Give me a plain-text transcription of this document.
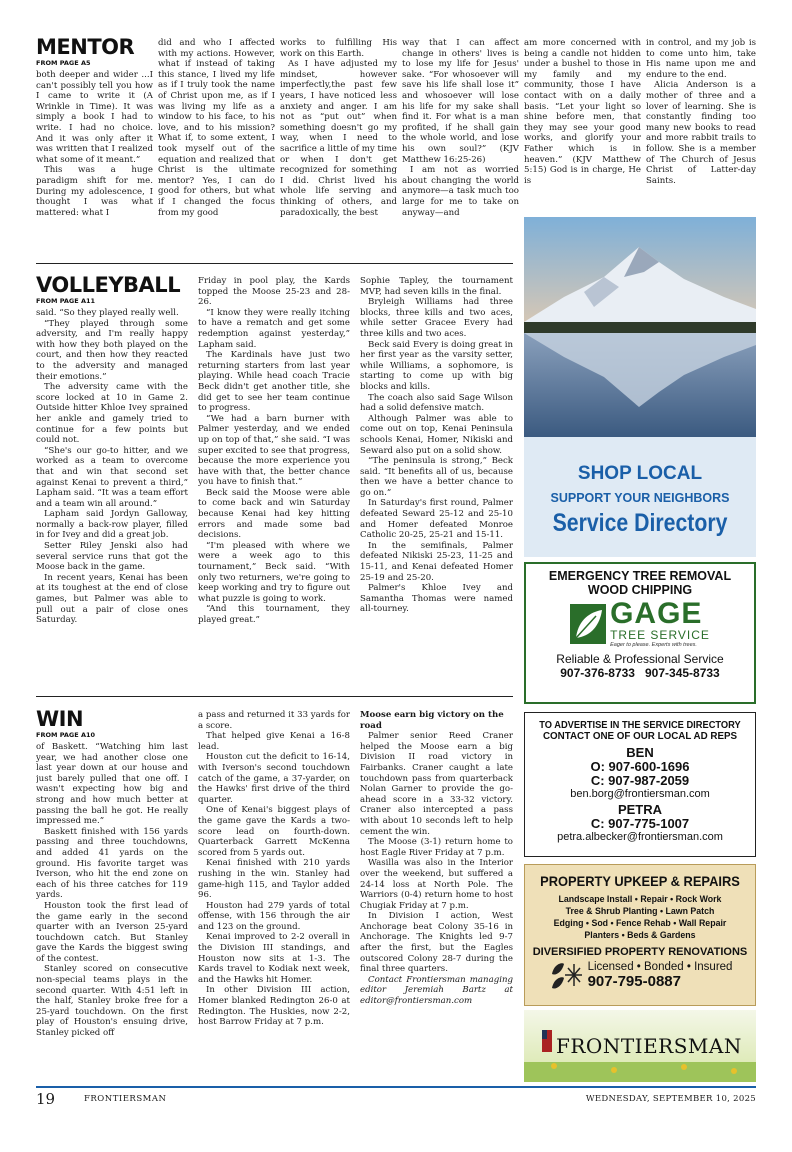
MENTOR
FROM PAGE A5

both deeper and wider ...I can't possibly tell you how I came to write it (A Wrinkle in Time). It was simply a book I had to write. I had no choice. And it was only after it was written that I realized what some of it meant.”

This was a huge paradigm shift for me. During my adolescence, I thought I was what mattered: what I

did and who I affected with my actions. However, what if instead of taking this stance, I lived my life as if I truly took the name of Christ upon me, as if I was living my life as a window to his face, to his love, and to his mission? What if, to some extent, I took myself out of the equation and realized that Christ is the ultimate mentor? Yes, I can do good for others, but what if I changed the focus from my good

works to fulfilling His work on this Earth.

As I have adjusted my mindset, however imperfectly,the past few years, I have noticed less anxiety and anger. I am not as “put out” when something doesn't go my way, when I need to sacrifice a little of my time or when I don't get recognized for something I did. Christ lived his whole life serving and thinking of others, and paradoxically, the best

way that I can affect change in others' lives is to lose my life for Jesus' sake. “For whosoever will save his life shall lose it” and whosoever will lose his life for my sake shall find it. For what is a man profited, if he shall gain the whole world, and lose his own soul?” (KJV Matthew 16:25-26)

I am not as worried about changing the world anymore—a task much too large for me to take on anyway—and

am more concerned with being a candle not hidden under a bushel to those in my family and my community, those I have contact with on a daily basis. “Let your light so shine before men, that they may see your good works, and glorify your Father which is in heaven.” (KJV Matthew 5:15) God is in charge, He is

in control, and my job is to come unto him, take His name upon me and endure to the end.

Alicia Anderson is a mother of three and a lover of learning. She is constantly finding too many new books to read and more rabbit trails to follow. She is a member of The Church of Jesus Christ of Latter-day Saints.

VOLLEYBALL
FROM PAGE A11

said. “So they played really well.

“They played through some adversity, and I'm really happy with how they both played on the court, and then how they reacted to the adversity and managed their emotions.”

The adversity came with the score locked at 10 in Game 2. Outside hitter Khloe Ivey sprained her ankle and gamely tried to continue for a few points but could not.

“She's our go-to hitter, and we worked as a team to overcome that and win that second set against Kenai to prevent a third,” Lapham said. “It was a team effort and a team win all around.”

Lapham said Jordyn Galloway, normally a back-row player, filled in for Ivey and did a great job.

Setter Riley Jenski also had several service runs that got the Moose back in the game.

In recent years, Kenai has been at its toughest at the end of close games, but Palmer was able to pull out a pair of close ones Saturday.

Friday in pool play, the Kards topped the Moose 25-23 and 28-26.

“I know they were really itching to have a rematch and get some redemption against yesterday,” Lapham said.

The Kardinals have just two returning starters from last year playing. While head coach Tracie Beck didn't get another title, she did get to see her team continue to progress.

“We had a barn burner with Palmer yesterday, and we ended up on top of that,” she said. “I was super excited to see that progress, because the more experience you have with that, the better chance you have to finish that.”

Beck said the Moose were able to come back and win Saturday because Kenai had key hitting errors and made some bad decisions.

“I'm pleased with where we were a week ago to this tournament,” Beck said. “With only two returners, we're going to keep working and try to figure out what puzzle is going to work.

“And this tournament, they played great.”

Sophie Tapley, the tournament MVP, had seven kills in the final.

Bryleigh Williams had three blocks, three kills and two aces, while setter Gracee Every had three kills and two aces.

Beck said Every is doing great in her first year as the varsity setter, while Williams, a sophomore, is starting to come up with big blocks and kills.

The coach also said Sage Wilson had a solid defensive match.

Although Palmer was able to come out on top, Kenai Peninsula schools Kenai, Homer, Nikiski and Seward also put on a solid show.

“The peninsula is strong,” Beck said. “It benefits all of us, because then we have a better chance to go on.”

In Saturday's first round, Palmer defeated Seward 25-12 and 25-10 and Homer defeated Monroe Catholic 20-25, 25-21 and 15-11.

In the semifinals, Palmer defeated Nikiski 25-23, 11-25 and 15-11, and Kenai defeated Homer 25-19 and 25-20.

Palmer's Khloe Ivey and Samantha Thomas were named all-tourney.

WIN
FROM PAGE A10

of Baskett. “Watching him last year, we had another close one last year down at our house and just barely pulled that one off. I wasn't expecting how big and strong and how much better at passing the ball he got. He really impressed me.”

Baskett finished with 156 yards passing and three touchdowns, and added 41 yards on the ground. His favorite target was Iverson, who hit the end zone on each of his three catches for 119 yards.

Houston took the first lead of the game early in the second quarter with an Iverson 25-yard touchdown catch. But Stanley gave the Kards the biggest swing of the contest.

Stanley scored on consecutive non-special teams plays in the second quarter. With 4:51 left in the half, Stanley broke free for a 25-yard touchdown. On the first play of Houston's ensuing drive, Stanley picked off

a pass and returned it 33 yards for a score.

That helped give Kenai a 16-8 lead.

Houston cut the deficit to 16-14, with Iverson's second touchdown catch of the game, a 37-yarder, on the Hawks' first drive of the third quarter.

One of Kenai's biggest plays of the game gave the Kards a two-score lead on fourth-down. Quarterback Garrett McKenna scored from 5 yards out.

Kenai finished with 210 yards rushing in the win. Stanley had game-high 115, and Taylor added 96.

Houston had 279 yards of total offense, with 156 through the air and 123 on the ground.

Kenai improved to 2-2 overall in the Division III standings, and Houston now sits at 1-3. The Kards travel to Kodiak next week, and the Hawks hit Homer.

In other Division III action, Homer blanked Redington 26-0 at Redington. The Huskies, now 2-2, host Barrow Friday at 7 p.m.

Moose earn big victory on the road

Palmer senior Reed Craner helped the Moose earn a big Division II road victory in Fairbanks. Craner caught a late touchdown pass from quarterback Nolan Garner to provide the go-ahead score in a 33-32 victory. Craner also intercepted a pass with about 10 seconds left to help cement the win.

The Moose (3-1) return home to host Eagle River Friday at 7 p.m.

Wasilla was also in the Interior over the weekend, but suffered a 24-14 loss at North Pole. The Warriors (0-4) return home to host Chugiak Friday at 7 p.m.

In Division I action, West Anchorage beat Colony 35-16 in Anchorage. The Knights led 9-7 after the first, but the Eagles outscored Colony 28-7 during the final three quarters.

Contact Frontiersman managing editor Jeremiah Bartz at editor@frontiersman.com

SHOP LOCAL
SUPPORT YOUR NEIGHBORS
Service Directory
EMERGENCY TREE REMOVAL
WOOD CHIPPING
GAGE
TREE SERVICE
Eager to please. Experts with trees.
Reliable & Professional Service
907-376-8733 907-345-8733
TO ADVERTISE IN THE SERVICE DIRECTORY
CONTACT ONE OF OUR LOCAL AD REPS
BEN
O: 907-600-1696
C: 907-987-2059
ben.borg@frontiersman.com
PETRA
C: 907-775-1007
petra.albecker@frontiersman.com
PROPERTY UPKEEP & REPAIRS
Landscape Install • Repair • Rock Work
Tree & Shrub Planting • Lawn Patch
Edging • Sod • Fence Rehab • Wall Repair
Planters • Beds & Gardens
DIVERSIFIED PROPERTY RENOVATIONS
Licensed • Bonded • Insured
907-795-0887
FRONTIERSMAN
19	FRONTIERSMAN	WEDNESDAY, SEPTEMBER 10, 2025
